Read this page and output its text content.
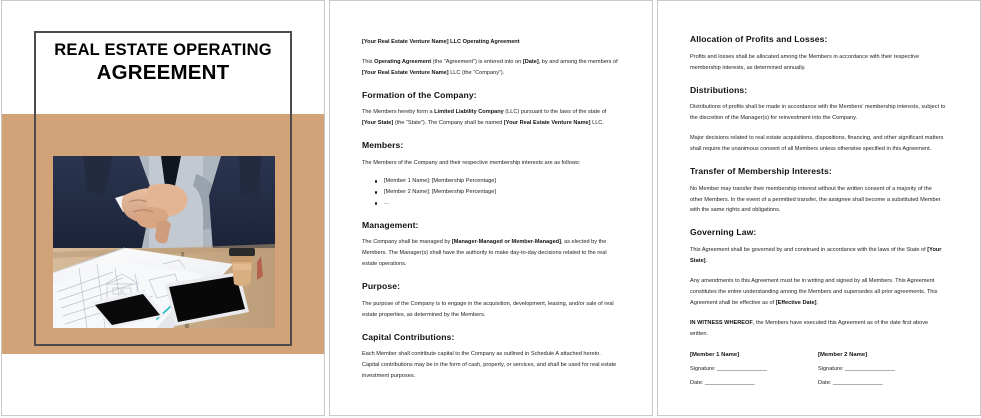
REAL ESTATE OPERATING
AGREEMENT

[Your Real Estate Venture Name] LLC Operating Agreement

This Operating Agreement (the “Agreement”) is entered into on [Date], by and among the members of [Your Real Estate Venture Name] LLC (the “Company”).

Formation of the Company:

The Members hereby form a Limited Liability Company (LLC) pursuant to the laws of the state of [Your State] (the “State”). The Company shall be named [Your Real Estate Venture Name] LLC.

Members:

The Members of the Company and their respective membership interests are as follows:

[Member 1 Name]: [Membership Percentage]
[Member 2 Name]: [Membership Percentage]
...
Management:

The Company shall be managed by [Manager-Managed or Member-Managed], as elected by the Members. The Manager(s) shall have the authority to make day-to-day decisions related to the real estate operations.

Purpose:

The purpose of the Company is to engage in the acquisition, development, leasing, and/or sale of real estate properties, as determined by the Members.

Capital Contributions:

Each Member shall contribute capital to the Company as outlined in Schedule A attached hereto. Capital contributions may be in the form of cash, property, or services, and shall be used for real estate investment purposes.

Allocation of Profits and Losses:

Profits and losses shall be allocated among the Members in accordance with their respective membership interests, as determined annually.

Distributions:

Distributions of profits shall be made in accordance with the Members’ membership interests, subject to the discretion of the Manager(s) for reinvestment into the Company.

Major decisions related to real estate acquisitions, dispositions, financing, and other significant matters shall require the unanimous consent of all Members unless otherwise specified in this Agreement.

Transfer of Membership Interests:

No Member may transfer their membership interest without the written consent of a majority of the other Members. In the event of a permitted transfer, the assignee shall become a substituted Member with the same rights and obligations.

Governing Law:

This Agreement shall be governed by and construed in accordance with the laws of the State of [Your State].

Any amendments to this Agreement must be in writing and signed by all Members. This Agreement constitutes the entire understanding among the Members and supersedes all prior agreements. This Agreement shall be effective as of [Effective Date].

IN WITNESS WHEREOF, the Members have executed this Agreement as of the date first above written.

[Member 1 Name]
Signature: ________________
Date: ________________
[Member 2 Name]
Signature: ________________
Date: ________________
